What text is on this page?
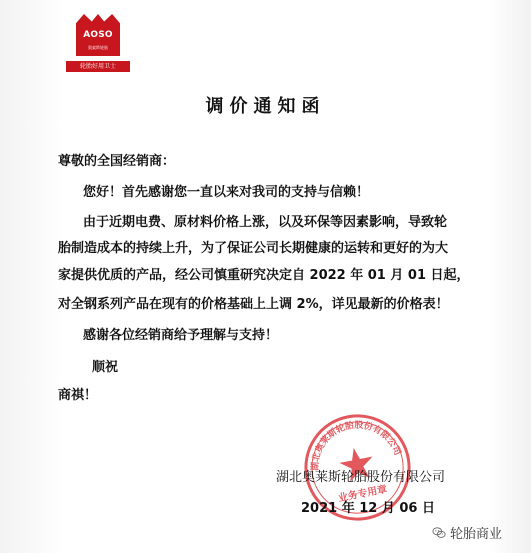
AOSO
奥索斯轮胎
轮胎好用卫士
调价通知函
尊敬的全国经销商：
您好！首先感谢您一直以来对我司的支持与信赖！
由于近期电费、原材料价格上涨，以及环保等因素影响，导致轮
胎制造成本的持续上升，为了保证公司长期健康的运转和更好的为大
家提供优质的产品，经公司慎重研究决定自 2022 年 01 月 01 日起，
对全钢系列产品在现有的价格基础上上调 2%，详见最新的价格表！
感谢各位经销商给予理解与支持！
顺祝
商祺！
湖北奥莱斯轮胎股份有限公司
业务专用章
湖北奥莱斯轮胎股份有限公司
2021 年 12 月 06 日
轮胎商业
